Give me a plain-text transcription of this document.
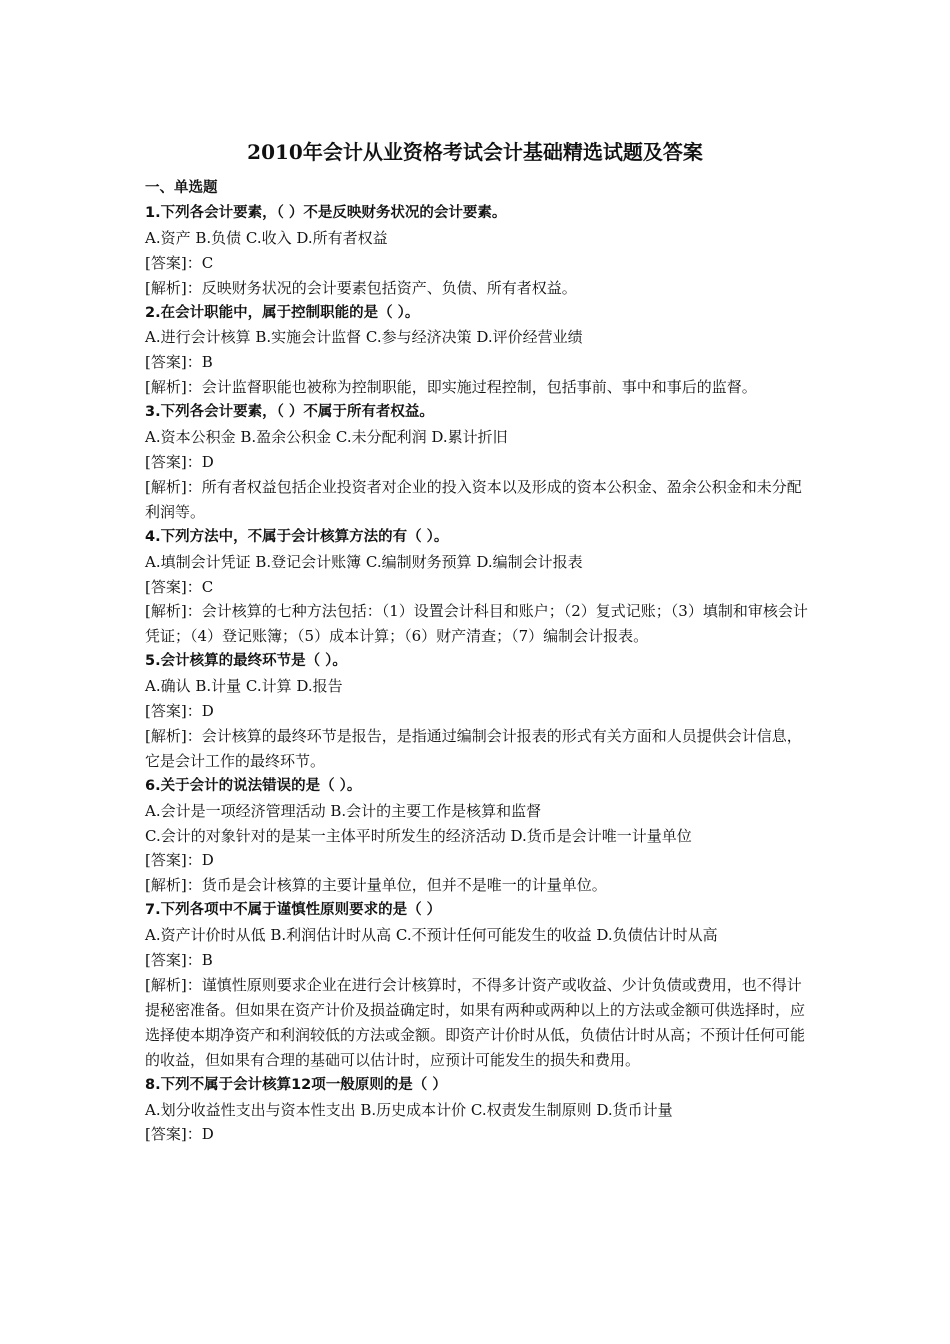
2010年会计从业资格考试会计基础精选试题及答案

一、单选题

1.下列各会计要素，（ ）不是反映财务状况的会计要素。

A.资产 B.负债 C.收入 D.所有者权益

[答案]：C

[解析]：反映财务状况的会计要素包括资产、负债、所有者权益。

2.在会计职能中，属于控制职能的是（ ）。

A.进行会计核算 B.实施会计监督 C.参与经济决策 D.评价经营业绩

[答案]：B

[解析]：会计监督职能也被称为控制职能，即实施过程控制，包括事前、事中和事后的监督。

3.下列各会计要素，（ ）不属于所有者权益。

A.资本公积金 B.盈余公积金 C.未分配利润 D.累计折旧

[答案]：D

[解析]：所有者权益包括企业投资者对企业的投入资本以及形成的资本公积金、盈余公积金和未分配利润等。

4.下列方法中，不属于会计核算方法的有（ ）。

A.填制会计凭证 B.登记会计账簿 C.编制财务预算 D.编制会计报表

[答案]：C

[解析]：会计核算的七种方法包括：（1）设置会计科目和账户；（2）复式记账；（3）填制和审核会计凭证；（4）登记账簿；（5）成本计算；（6）财产清查；（7）编制会计报表。

5.会计核算的最终环节是（ ）。

A.确认 B.计量 C.计算 D.报告

[答案]：D

[解析]：会计核算的最终环节是报告，是指通过编制会计报表的形式有关方面和人员提供会计信息，它是会计工作的最终环节。

6.关于会计的说法错误的是（ ）。

A.会计是一项经济管理活动 B.会计的主要工作是核算和监督

C.会计的对象针对的是某一主体平时所发生的经济活动 D.货币是会计唯一计量单位

[答案]：D

[解析]：货币是会计核算的主要计量单位，但并不是唯一的计量单位。

7.下列各项中不属于谨慎性原则要求的是（ ）

A.资产计价时从低 B.利润估计时从高 C.不预计任何可能发生的收益 D.负债估计时从高

[答案]：B

[解析]：谨慎性原则要求企业在进行会计核算时，不得多计资产或收益、少计负债或费用，也不得计提秘密准备。但如果在资产计价及损益确定时，如果有两种或两种以上的方法或金额可供选择时，应选择使本期净资产和利润较低的方法或金额。即资产计价时从低，负债估计时从高；不预计任何可能的收益，但如果有合理的基础可以估计时，应预计可能发生的损失和费用。

8.下列不属于会计核算12项一般原则的是（ ）

A.划分收益性支出与资本性支出 B.历史成本计价 C.权责发生制原则 D.货币计量

[答案]：D
